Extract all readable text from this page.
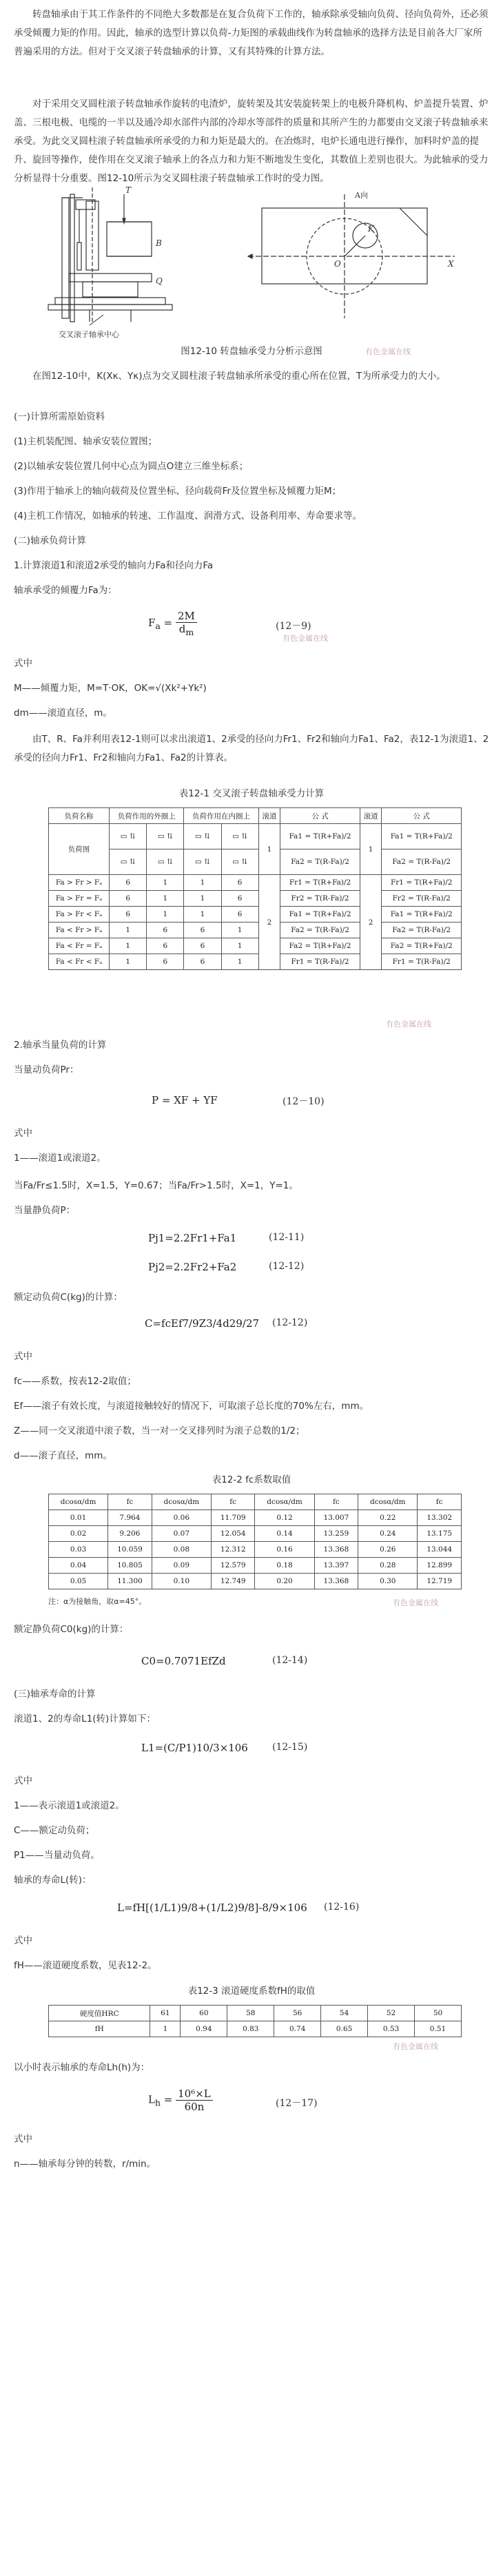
转盘轴承由于其工作条件的不同绝大多数都是在复合负荷下工作的，轴承除承受轴向负荷、径向负荷外，还必须承受倾覆力矩的作用。因此，轴承的选型计算以负荷-力矩图的承载曲线作为转盘轴承的选择方法是目前各大厂家所普遍采用的方法。但对于交叉滚子转盘轴承的计算，又有其特殊的计算方法。

对于采用交叉圆柱滚子转盘轴承作旋转的电渣炉，旋转架及其安装旋转架上的电极升降机构、炉盖提升装置、炉盖、三根电极、电缆的一半以及通冷却水部件内部的冷却水等部件的质量和其所产生的力都要由交叉滚子转盘轴承来承受。为此交叉圆柱滚子转盘轴承所承受的力和力矩是最大的。在冶炼时，电炉长通电进行操作，加料时炉盖的提升、旋回等操作，使作用在交叉滚子轴承上的各点力和力矩不断地发生变化，其数值上差别也很大。为此轴承的受力分析显得十分重要。图12-10所示为交叉圆柱滚子转盘轴承工作时的受力图。

交叉滚子轴承中心
T
B
Q
A向
K
O	X
有色金属在线
图12-10 转盘轴承受力分析示意图

在图12-10中，K(Xκ、Yκ)点为交叉圆柱滚子转盘轴承所承受的重心所在位置，T为所承受力的大小。

(一)计算所需原始资料
(1)主机装配图、轴承安装位置图；
(2)以轴承安装位置几何中心点为圆点O建立三维坐标系；
(3)作用于轴承上的轴向载荷及位置坐标、径向载荷Fr及位置坐标及倾覆力矩M；
(4)主机工作情况，如轴承的转速、工作温度、润滑方式、设备利用率、寿命要求等。
(二)轴承负荷计算
1.计算滚道1和滚道2承受的轴向力Fa和径向力Fa
轴承承受的倾覆力Fa为：
$F_a = \frac{2M}{d_m}$	(12－9)
有色金属在线
式中
M——倾覆力矩，M=T·OK，OK=√(Xk²+Yk²)
dm——滚道直径，m。

由T、R、Fa并利用表12-1则可以求出滚道1、2承受的径向力Fr1、Fr2和轴向力Fa1、Fa2，表12-1为滚道1、2承受的径向力Fr1、Fr2和轴向力Fa1、Fa2的计算表。

表12-1 交叉滚子转盘轴承受力计算
负荷名称	负荷作用的外圈上		负荷作用在内圈上		滚道	公 式	滚道	公 式
负荷图	▭ ⇅	▭ ⇅	▭ ⇅	▭ ⇅	1	Fa1 = T(R+Fa)/2	1	Fa1 = T(R+Fa)/2
	▭ ⇅	▭ ⇅	▭ ⇅	▭ ⇅		Fa2 = T(R-Fa)/2		Fa2 = T(R-Fa)/2
Fa > Fr > Fₐ	6	1	1	6	2	Fr1 = T(R+Fa)/2	2	Fr1 = T(R+Fa)/2
Fa > Fr = Fₐ	6	1	1	6		Fr2 = T(R-Fa)/2		Fr2 = T(R-Fa)/2
Fa > Fr < Fₐ	6	1	1	6		Fa1 = T(R+Fa)/2		Fa1 = T(R+Fa)/2
Fa < Fr > Fₐ	1	6	6	1		Fa2 = T(R-Fa)/2		Fa2 = T(R-Fa)/2
Fa < Fr = Fₐ	1	6	6	1		Fa2 = T(R+Fa)/2		Fa2 = T(R+Fa)/2
Fa < Fr < Fₐ	1	6	6	1		Fr1 = T(R-Fa)/2		Fr1 = T(R-Fa)/2
有色金属在线
2.轴承当量负荷的计算
当量动负荷Pr：
P = XF + YF	(12－10)
式中
1——滚道1或滚道2。
当Fa/Fr≤1.5时，X=1.5，Y=0.67；当Fa/Fr>1.5时，X=1，Y=1。
当量静负荷P：
Pj1=2.2Fr1+Fa1	(12-11)
Pj2=2.2Fr2+Fa2	(12-12)
额定动负荷C(kg)的计算：
C=fcEf7/9Z3/4d29/27 (12-12)
式中
fc——系数，按表12-2取值；
Ef——滚子有效长度，与滚道接触较好的情况下，可取滚子总长度的70%左右，mm。
Z——同一交叉滚道中滚子数，当一对一交叉排列时为滚子总数的1/2；
d——滚子直径，mm。
表12-2 fc系数取值
dcosα/dm	fc	dcosα/dm	fc	dcosα/dm	fc	dcosα/dm	fc
0.01	7.964	0.06	11.709	0.12	13.007	0.22	13.302
0.02	9.206	0.07	12.054	0.14	13.259	0.24	13.175
0.03	10.059	0.08	12.312	0.16	13.368	0.26	13.044
0.04	10.805	0.09	12.579	0.18	13.397	0.28	12.899
0.05	11.300	0.10	12.749	0.20	13.368	0.30	12.719
注：α为接触角，取α=45°。	有色金属在线
额定静负荷C0(kg)的计算：
C0=0.7071EfZd	(12-14)
(三)轴承寿命的计算
滚道1、2的寿命L1(转)计算如下：
L1=(C/P1)10/3×106	(12-15)
式中
1——表示滚道1或滚道2。
C——额定动负荷；
P1——当量动负荷。
轴承的寿命L(转)：
L=fH[(1/L1)9/8+(1/L2)9/8]-8/9×106 (12-16)
式中
fH——滚道硬度系数，见表12-2。
表12-3 滚道硬度系数fH的取值
硬度值HRC	61	60	58	56	54	52	50
fH	1	0.94	0.83	0.74	0.65	0.53	0.51
有色金属在线
以小时表示轴承的寿命Lh(h)为：
$L_h = \frac{\text{10⁶×L}}{60n}$	(12－17)
式中
n——轴承每分钟的转数，r/min。
